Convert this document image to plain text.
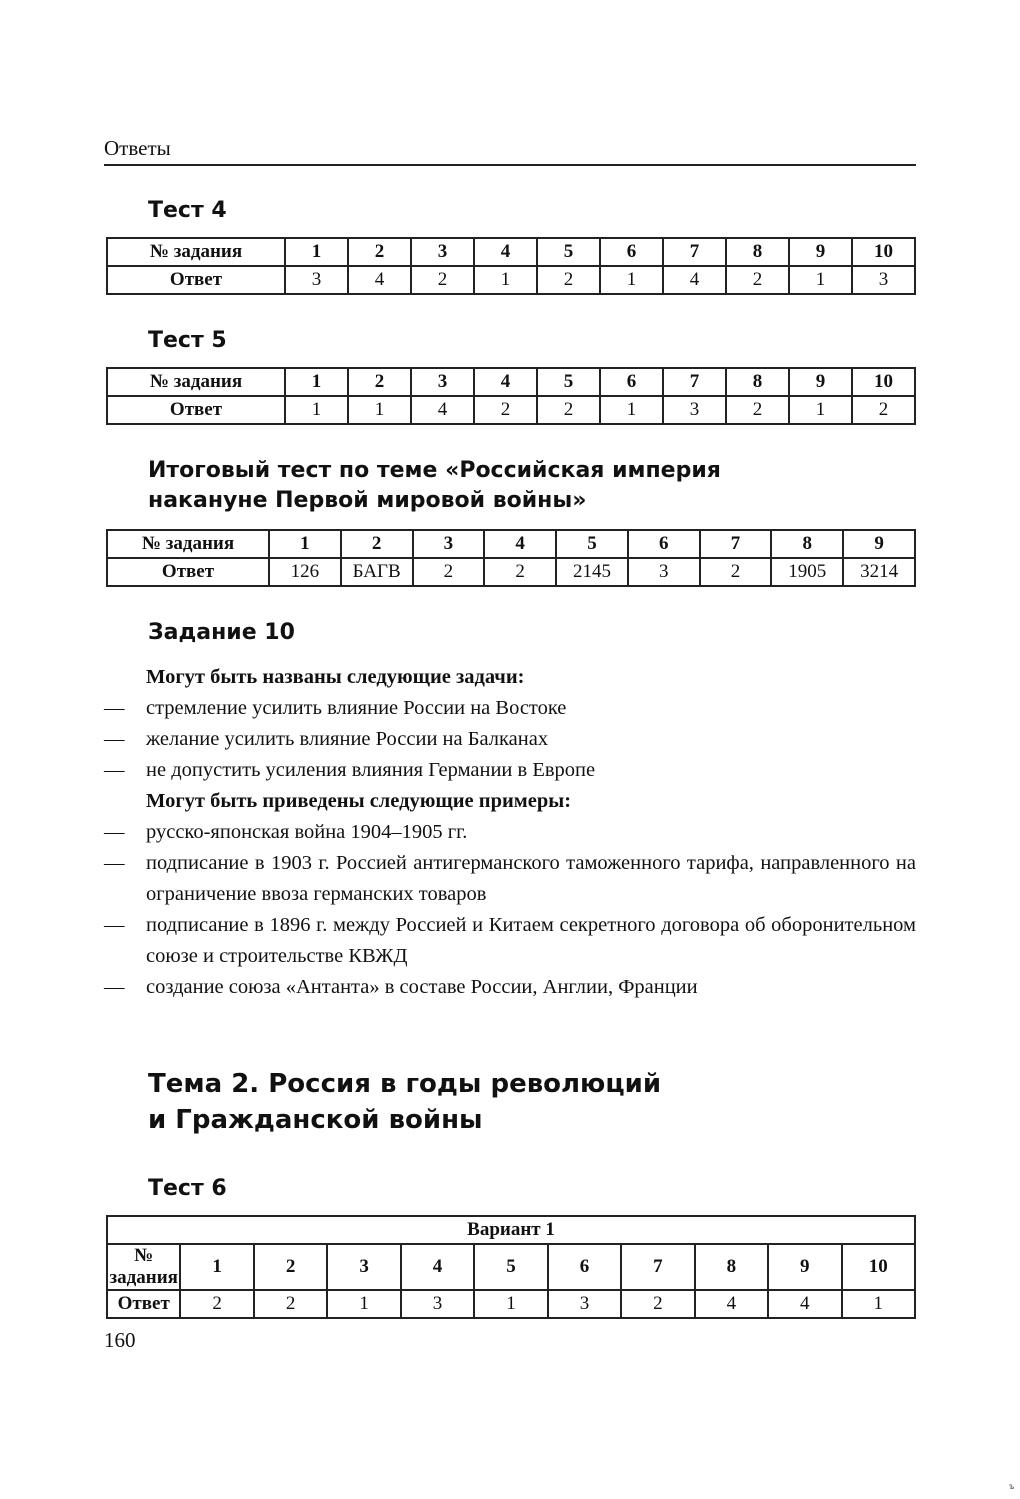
Ответы
Тест 4
№ задания	1	2	3	4	5	6	7	8	9	10
Ответ	3	4	2	1	2	1	4	2	1	3
Тест 5
№ задания	1	2	3	4	5	6	7	8	9	10
Ответ	1	1	4	2	2	1	3	2	1	2
Итоговый тест по теме «Российская империя
накануне Первой мировой войны»
№ задания	1	2	3	4	5	6	7	8	9
Ответ	126	БАГВ	2	2	2145	3	2	1905	3214
Задание 10
Могут быть названы следующие задачи:
—	стремление усилить влияние России на Востоке
—	желание усилить влияние России на Балканах
—	не допустить усиления влияния Германии в Европе
Могут быть приведены следующие примеры:
—	русско-японская война 1904–1905 гг.
—	подписание в 1903 г. Россией антигерманского таможенного тарифа, направленного на ограничение ввоза германских товаров
—	подписание в 1896 г. между Россией и Китаем секретного договора об оборонительном союзе и строительстве КВЖД
—	создание союза «Антанта» в составе России, Англии, Франции
Тема 2. Россия в годы революций
и Гражданской войны
Тест 6
Вариант 1										
№ задания	1	2	3	4	5	6	7	8	9	10
Ответ	2	2	1	3	1	3	2	4	4	1
160
ъ
